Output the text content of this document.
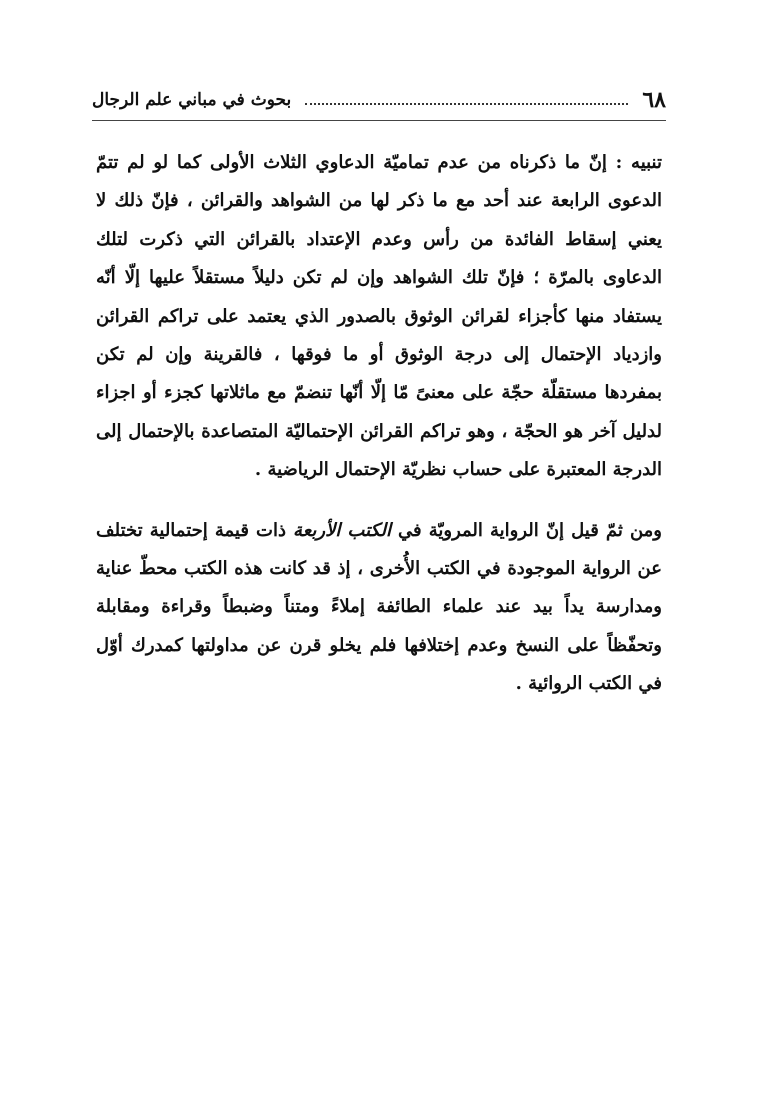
٦٨
بحوث في مباني علم الرجال

تنبيه : إنّ ما ذكرناه من عدم تماميّة الدعاوي الثلاث الأولى كما لو لم تتمّ الدعوى الرابعة عند أحد مع ما ذكر لها من الشواهد والقرائن ، فإنّ ذلك لا يعني إسقاط الفائدة من رأس وعدم الإعتداد بالقرائن التي ذكرت لتلك الدعاوى بالمرّة ؛ فإنّ تلك الشواهد وإن لم تكن دليلاً مستقلاً عليها إلّا أنّه يستفاد منها كأجزاء لقرائن الوثوق بالصدور الذي يعتمد على تراكم القرائن وازدياد الإحتمال إلى درجة الوثوق أو ما فوقها ، فالقرينة وإن لم تكن بمفردها مستقلّة حجّة على معنىً مّا إلّا أنّها تنضمّ مع ماثلاتها كجزء أو اجزاء لدليل آخر هو الحجّة ، وهو تراكم القرائن الإحتماليّة المتصاعدة بالإحتمال إلى الدرجة المعتبرة على حساب نظريّة الإحتمال الرياضية .

ومن ثمّ قيل إنّ الرواية المرويّة في الكتب الأربعة ذات قيمة إحتمالية تختلف عن الرواية الموجودة في الكتب الأُخرى ، إذ قد كانت هذه الكتب محطّ عناية ومدارسة يداً بيد عند علماء الطائفة إملاءً ومتناً وضبطاً وقراءة ومقابلة وتحفّظاً على النسخ وعدم إختلافها فلم يخلو قرن عن مداولتها كمدرك أوّل في الكتب الروائية .
